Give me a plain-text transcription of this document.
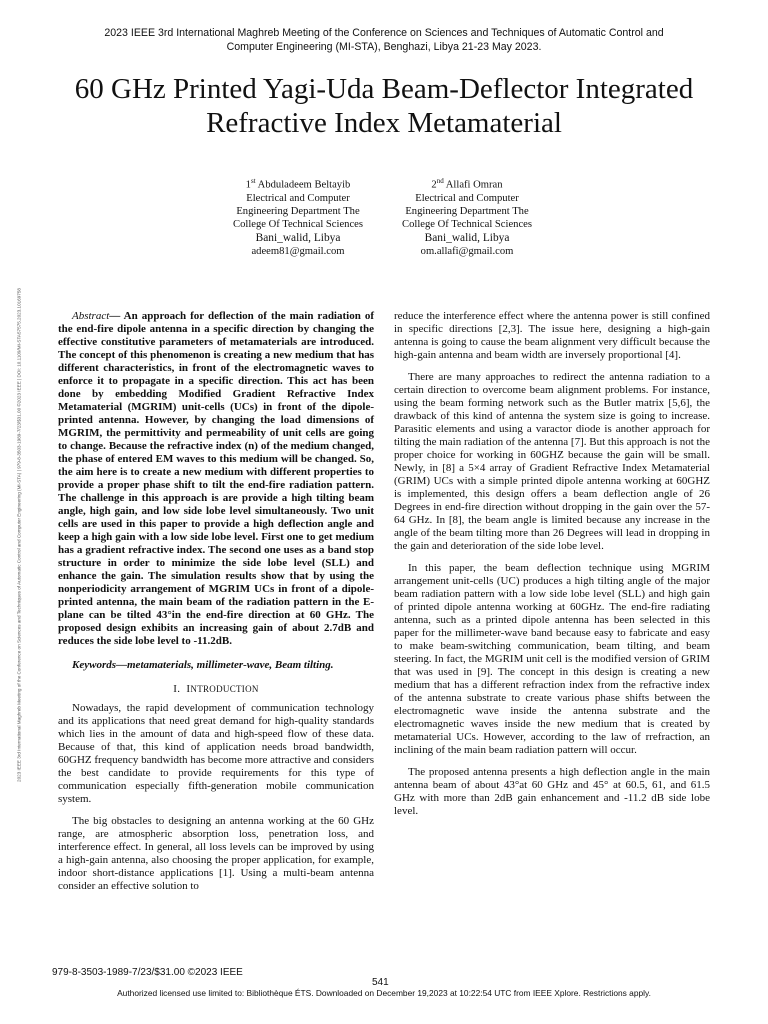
2023 IEEE 3rd International Maghreb Meeting of the Conference on Sciences and Techniques of Automatic Control and
Computer Engineering (MI-STA), Benghazi, Libya 21-23 May 2023.
60 GHz Printed Yagi-Uda Beam-Deflector Integrated
Refractive Index Metamaterial
1st Abduladeem Beltayib
Electrical and Computer
Engineering Department The
College Of Technical Sciences
Bani_walid, Libya
adeem81@gmail.com
2nd Allafi Omran
Electrical and Computer
Engineering Department The
College Of Technical Sciences
Bani_walid, Libya
om.allafi@gmail.com
2023 IEEE 3rd International Maghreb Meeting of the Conference on Sciences and Techniques of Automatic Control and Computer Engineering (MI-STA) | 979-8-3503-1989-7/23/$31.00 ©2023 IEEE | DOI: 10.1109/MI-STA57575.2023.10169758	Abstract— An approach for deflection of the main radiation of the end-fire dipole antenna in a specific direction by changing the effective constitutive parameters of metamaterials are introduced. The concept of this phenomenon is creating a new medium that has different characteristics, in front of the electromagnetic waves to enforce it to propagate in a specific direction. This act has been done by embedding Modified Gradient Refractive Index Metamaterial (MGRIM) unit-cells (UCs) in front of the dipole-printed antenna. However, by changing the load dimensions of MGRIM, the permittivity and permeability of unit cells are going to change. Because the refractive index (n) of the medium changed, the phase of entered EM waves to this medium will be changed. So, the aim here is to create a new medium with different properties to provide a proper phase shift to tilt the end-fire radiation pattern. The challenge in this approach is are provide a high tilting beam angle, high gain, and low side lobe level simultaneously. Two unit cells are used in this paper to provide a high deflection angle and keep a high gain with a low side lobe level. First one to get medium has a gradient refractive index. The second one uses as a band stop structure in order to minimize the side lobe level (SLL) and enhance the gain. The simulation results show that by using the nonperiodicity arrangement of MGRIM UCs in front of a dipole-printed antenna, the main beam of the radiation pattern in the E-plane can be tilted 43°in the end-fire direction at 60 GHz. The proposed design exhibits an increasing gain of about 2.7dB and reduces the side lobe level to -11.2dB.

Keywords—metamaterials, millimeter-wave, Beam tilting.

I. INTRODUCTION

Nowadays, the rapid development of communication technology and its applications that need great demand for high-quality standards which lies in the amount of data and high-speed flow of these data. Because of that, this kind of application needs broad bandwidth, 60GHZ frequency bandwidth has become more attractive and considers the best candidate to provide requirements for this type of communication especially fifth-generation mobile communication system.

The big obstacles to designing an antenna working at the 60 GHz range, are atmospheric absorption loss, penetration loss, and interference effect. In general, all loss levels can be improved by using a high-gain antenna, also choosing the proper application, for example, indoor short-distance applications [1]. Using a multi-beam antenna consider an effective solution to

reduce the interference effect where the antenna power is still confined in specific directions [2,3]. The issue here, designing a high-gain antenna is going to cause the beam alignment very difficult because the high-gain antenna and beam width are inversely proportional [4].

There are many approaches to redirect the antenna radiation to a certain direction to overcome beam alignment problems. For instance, using the beam forming network such as the Butler matrix [5,6], the drawback of this kind of antenna the system size is going to increase. Parasitic elements and using a varactor diode is another approach for tilting the main radiation of the antenna [7]. But this approach is not the proper choice for working in 60GHZ because the gain will be small. Newly, in [8] a 5×4 array of Gradient Refractive Index Metamaterial (GRIM) UCs with a simple printed dipole antenna working at 60GHZ is implemented, this design offers a beam deflection angle of 26 Degrees in end-fire direction without dropping in the gain over the 57-64 GHz. In [8], the beam angle is limited because any increase in the angle of the beam tilting more than 26 Degrees will lead in dropping in the gain and deterioration of the side lobe level.

In this paper, the beam deflection technique using MGRIM arrangement unit-cells (UC) produces a high tilting angle of the major beam radiation pattern with a low side lobe level (SLL) and high gain of printed dipole antenna working at 60GHz. The end-fire radiating antenna, such as a printed dipole antenna has been selected in this paper for the millimeter-wave band because easy to fabricate and easy to make beam-switching communication, beam tilting, and beam steering. In fact, the MGRIM unit cell is the modified version of GRIM that was used in [9]. The concept in this design is creating a new medium that has a different refraction index from the refractive index of the antenna substrate to create various phase shifts between the electromagnetic wave inside the antenna substrate and the electromagnetic waves inside the new medium that is created by metamaterial UCs. However, according to the law of rrefraction, an inclining of the main beam radiation pattern will occur.

The proposed antenna presents a high deflection angle in the main antenna beam of about 43°at 60 GHz and 45° at 60.5, 61, and 61.5 GHz with more than 2dB gain enhancement and -11.2 dB side lobe level.

979-8-3503-1989-7/23/$31.00 ©2023 IEEE
541
Authorized licensed use limited to: Bibliothèque ÉTS. Downloaded on December 19,2023 at 10:22:54 UTC from IEEE Xplore. Restrictions apply.
